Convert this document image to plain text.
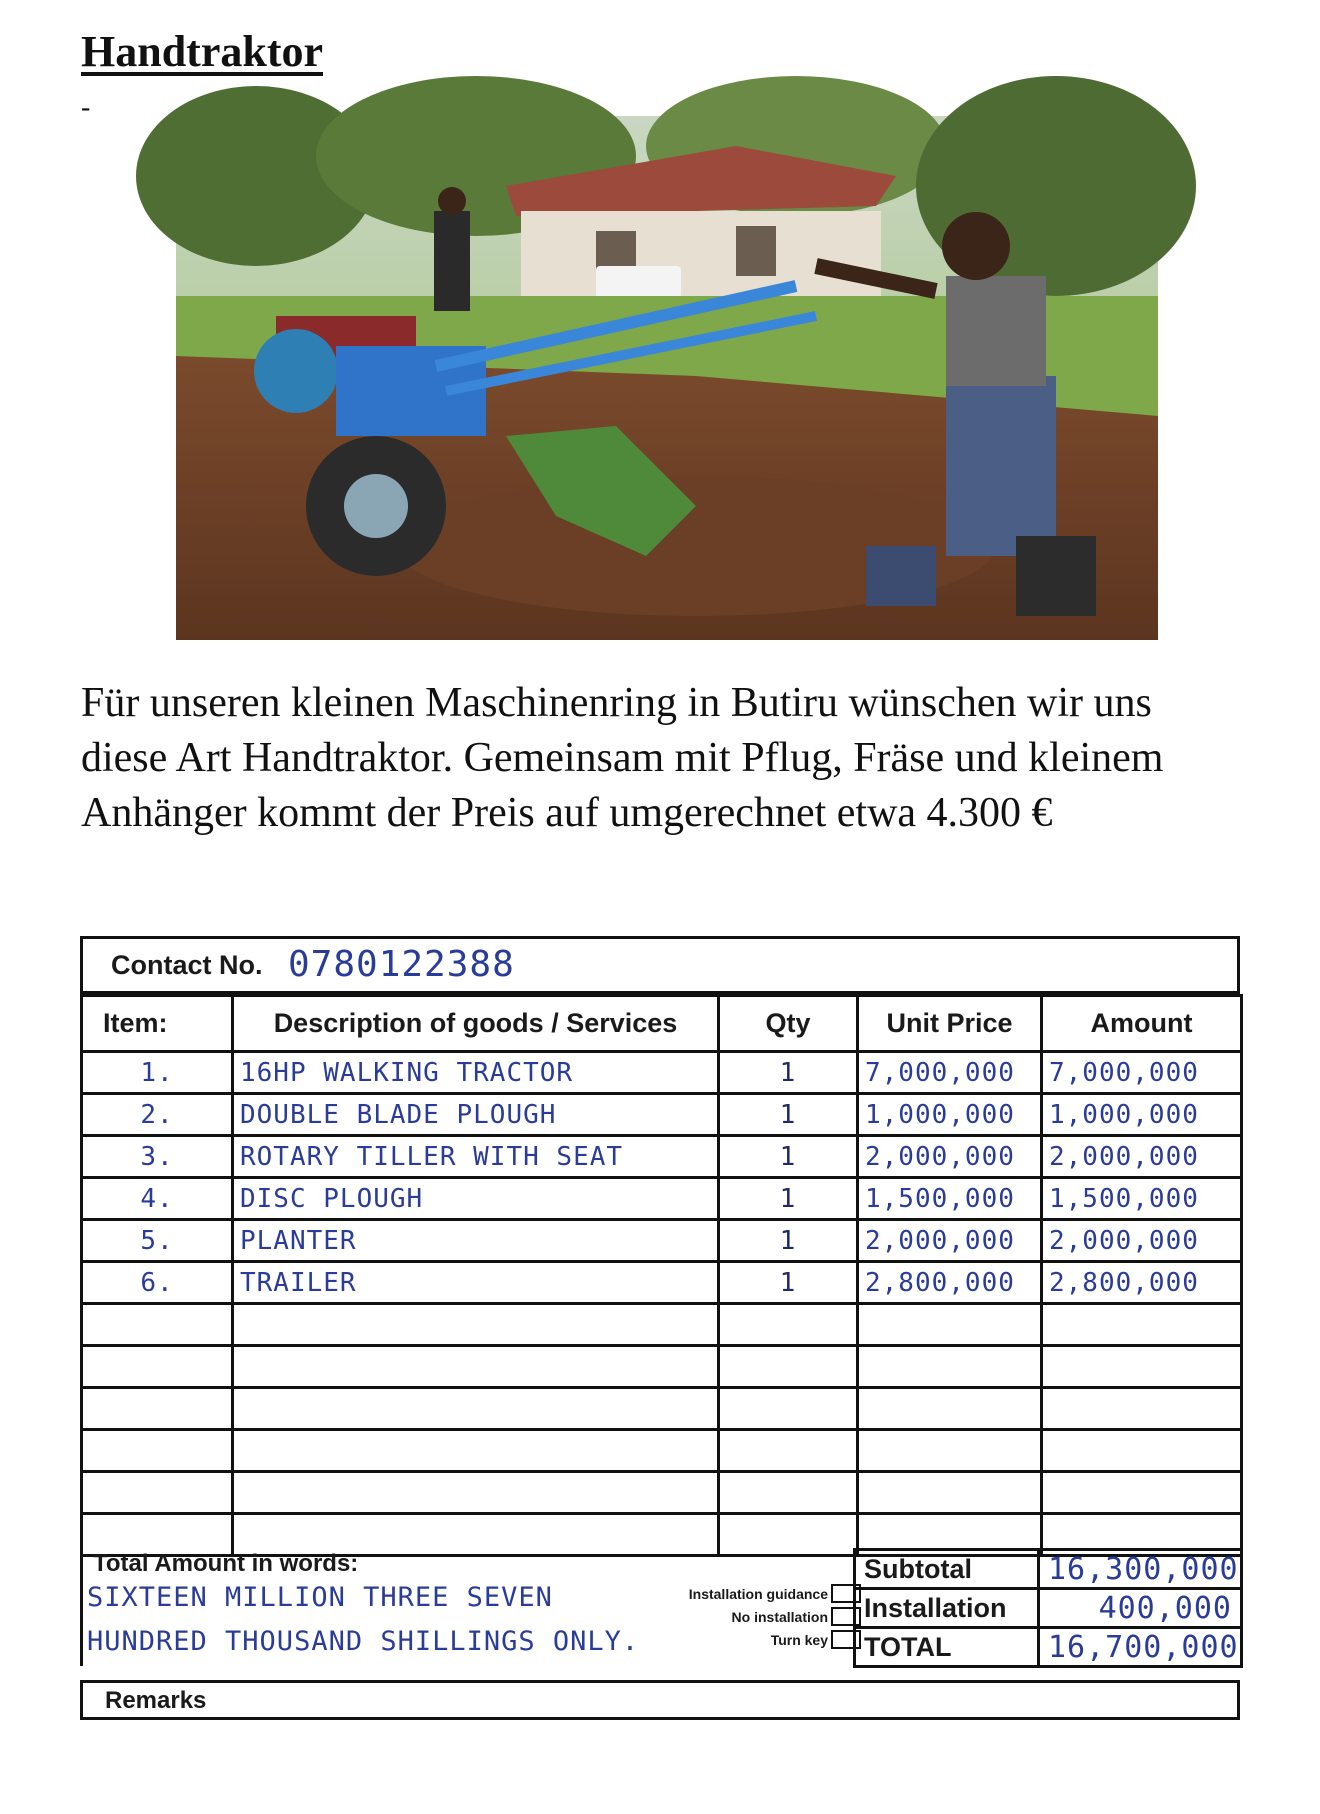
Handtraktor
-

Für unseren kleinen Maschinenring in Butiru wünschen wir uns diese Art Handtraktor. Gemeinsam mit Pflug, Fräse und kleinem Anhänger kommt der Preis auf umgerechnet etwa 4.300 €

Contact No. 0780122388
Item:	Description of goods / Services	Qty	Unit Price	Amount
1.	16HP WALKING TRACTOR	1	7,000,000	7,000,000
2.	DOUBLE BLADE PLOUGH	1	1,000,000	1,000,000
3.	ROTARY TILLER WITH SEAT	1	2,000,000	2,000,000
4.	DISC PLOUGH	1	1,500,000	1,500,000
5.	PLANTER	1	2,000,000	2,000,000
6.	TRAILER	1	2,800,000	2,800,000

Total Amount in words:
SIXTEEN MILLION THREE SEVEN
HUNDRED THOUSAND SHILLINGS ONLY.
Installation guidance
No installation
Turn key
Subtotal	16,300,000
Installation	400,000
TOTAL	16,700,000
Remarks
